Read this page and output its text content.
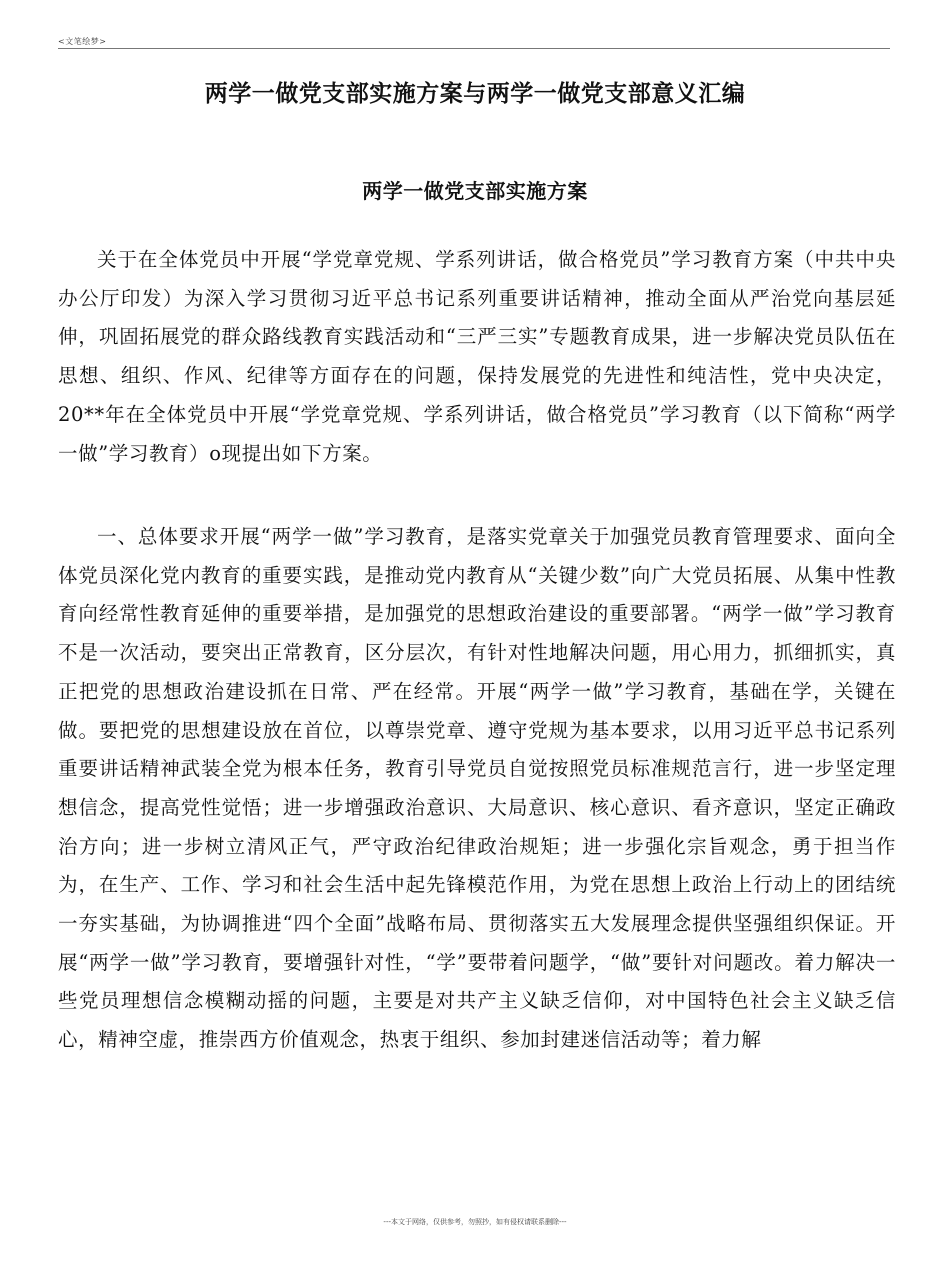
<文笔绘梦>
两学一做党支部实施方案与两学一做党支部意义汇编
两学一做党支部实施方案

关于在全体党员中开展“学党章党规、学系列讲话，做合格党员”学习教育方案（中共中央办公厅印发）为深入学习贯彻习近平总书记系列重要讲话精神，推动全面从严治党向基层延伸，巩固拓展党的群众路线教育实践活动和“三严三实”专题教育成果，进一步解决党员队伍在思想、组织、作风、纪律等方面存在的问题，保持发展党的先进性和纯洁性，党中央决定，20**年在全体党员中开展“学党章党规、学系列讲话，做合格党员”学习教育（以下简称“两学一做”学习教育）o现提出如下方案。

一、总体要求开展“两学一做”学习教育，是落实党章关于加强党员教育管理要求、面向全体党员深化党内教育的重要实践，是推动党内教育从“关键少数”向广大党员拓展、从集中性教育向经常性教育延伸的重要举措，是加强党的思想政治建设的重要部署。“两学一做”学习教育不是一次活动，要突出正常教育，区分层次，有针对性地解决问题，用心用力，抓细抓实，真正把党的思想政治建设抓在日常、严在经常。开展“两学一做”学习教育，基础在学，关键在做。要把党的思想建设放在首位，以尊崇党章、遵守党规为基本要求，以用习近平总书记系列重要讲话精神武装全党为根本任务，教育引导党员自觉按照党员标准规范言行，进一步坚定理想信念，提高党性觉悟；进一步增强政治意识、大局意识、核心意识、看齐意识，坚定正确政治方向；进一步树立清风正气，严守政治纪律政治规矩；进一步强化宗旨观念，勇于担当作为，在生产、工作、学习和社会生活中起先锋模范作用，为党在思想上政治上行动上的团结统一夯实基础，为协调推进“四个全面”战略布局、贯彻落实五大发展理念提供坚强组织保证。开展“两学一做”学习教育，要增强针对性，“学”要带着问题学，“做”要针对问题改。着力解决一些党员理想信念模糊动摇的问题，主要是对共产主义缺乏信仰，对中国特色社会主义缺乏信心，精神空虚，推崇西方价值观念，热衷于组织、参加封建迷信活动等；着力解

---本文于网络，仅供参考，勿照抄，如有侵权请联系删除---
